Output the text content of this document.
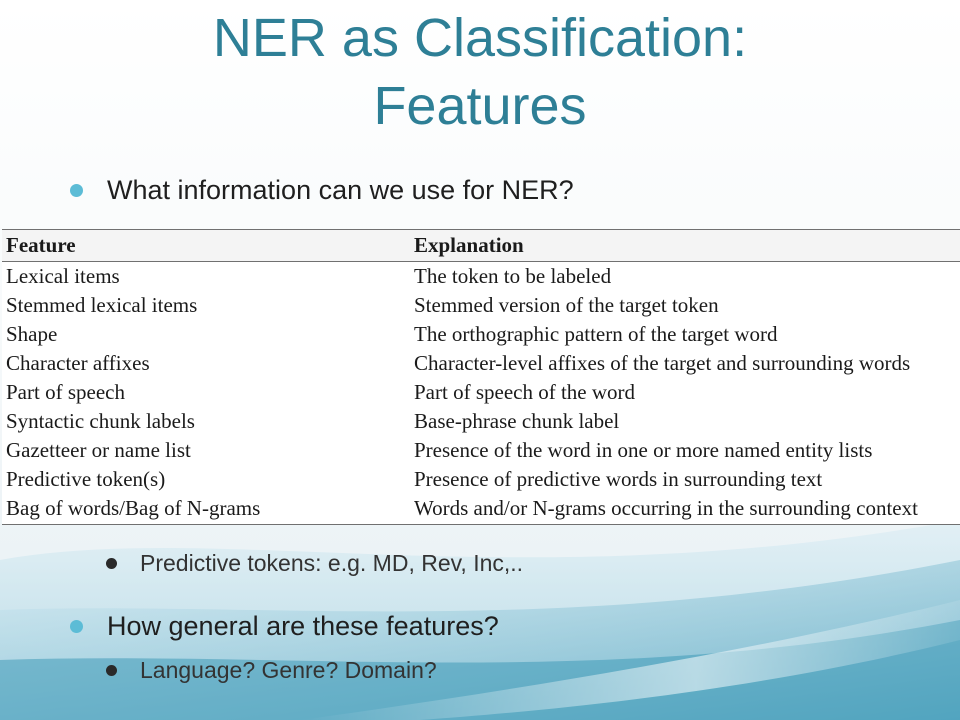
NER as Classification:
Features
What information can we use for NER?
Feature	Explanation
Lexical items	The token to be labeled
Stemmed lexical items	Stemmed version of the target token
Shape	The orthographic pattern of the target word
Character affixes	Character-level affixes of the target and surrounding words
Part of speech	Part of speech of the word
Syntactic chunk labels	Base-phrase chunk label
Gazetteer or name list	Presence of the word in one or more named entity lists
Predictive token(s)	Presence of predictive words in surrounding text
Bag of words/Bag of N-grams	Words and/or N-grams occurring in the surrounding context
Predictive tokens: e.g. MD, Rev, Inc,..
How general are these features?
Language? Genre? Domain?
